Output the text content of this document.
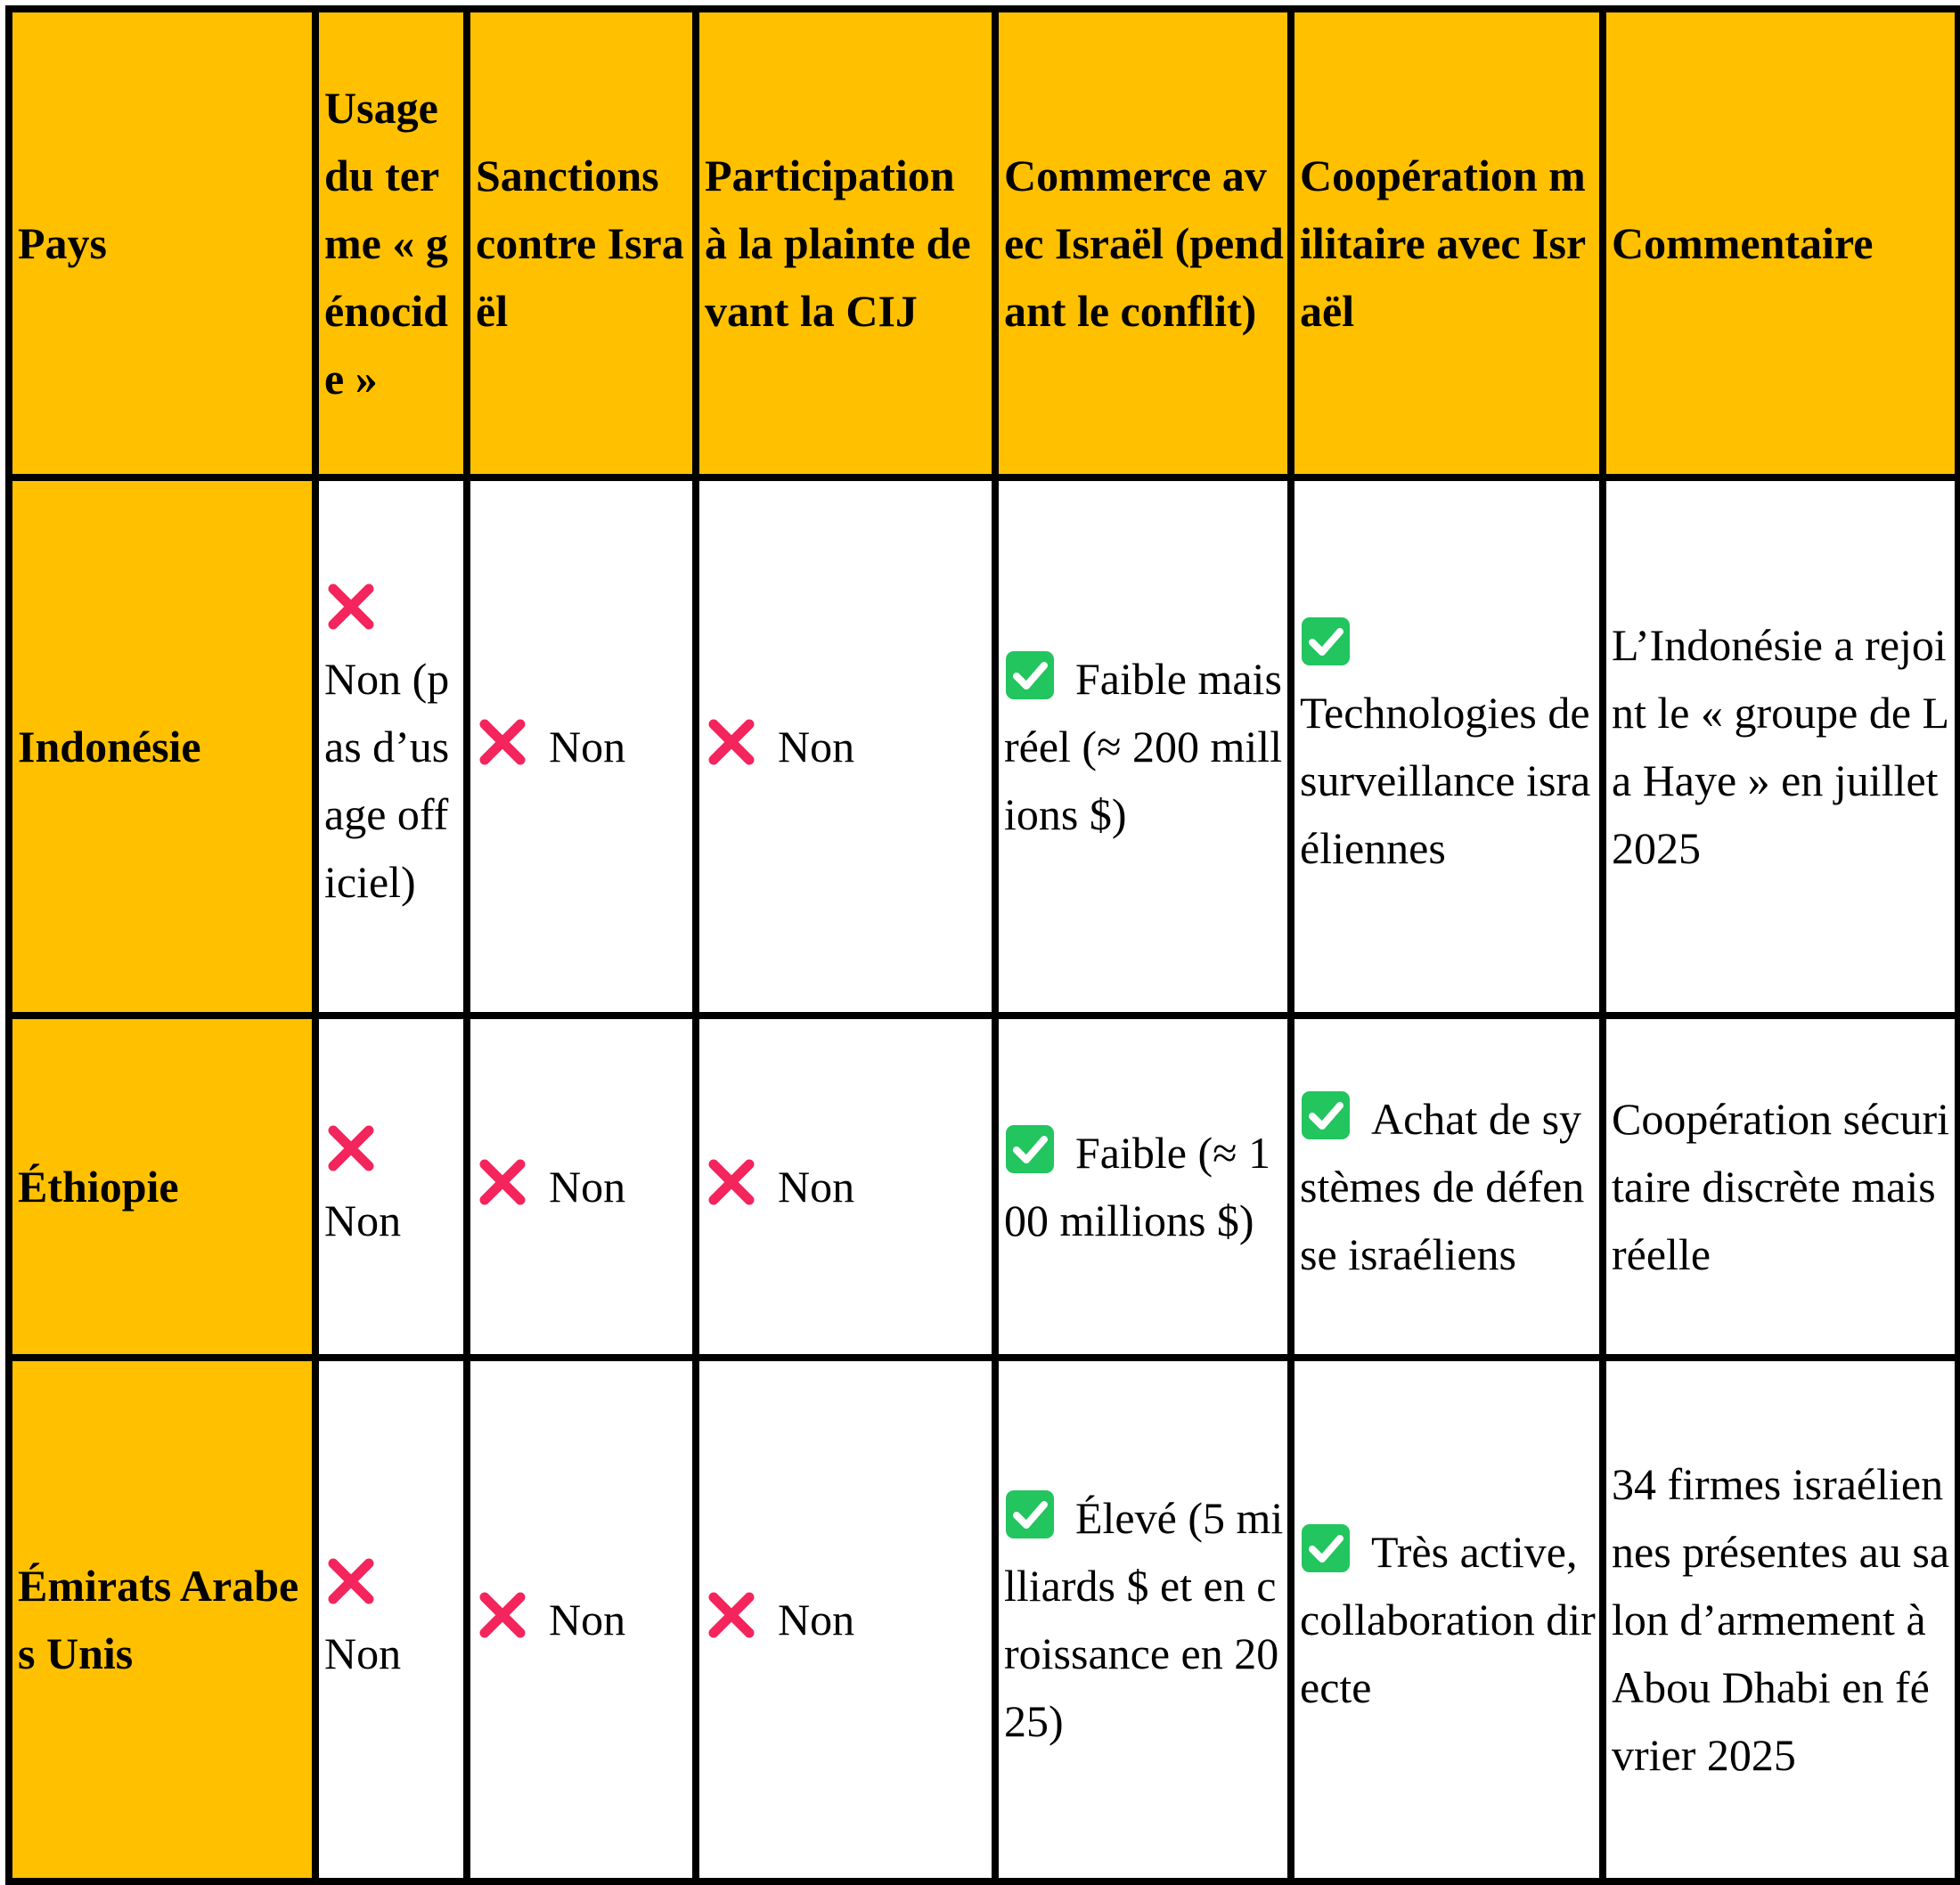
Pays	Usage du terme « génocide »	Sanctions contre Israël	Participation à la plainte devant la CIJ	Commerce avec Israël (pendant le conflit)	Coopération militaire avec Israël	Commentaire
Indonésie	Non (pas d’usage officiel)	Non	Non	Faible mais réel (≈ 200 millions $)	Technologies de surveillance israéliennes	L’Indonésie a rejoint le « groupe de La Haye » en juillet 2025
Éthiopie	Non	Non	Non	Faible (≈ 100 millions $)	Achat de systèmes de défense israéliens	Coopération sécuritaire discrète mais réelle
Émirats Arabes Unis	Non	Non	Non	Élevé (5 milliards $ et en croissance en 2025)	Très active, collaboration directe	34 firmes israéliennes présentes au salon d’armement à Abou Dhabi en février 2025
